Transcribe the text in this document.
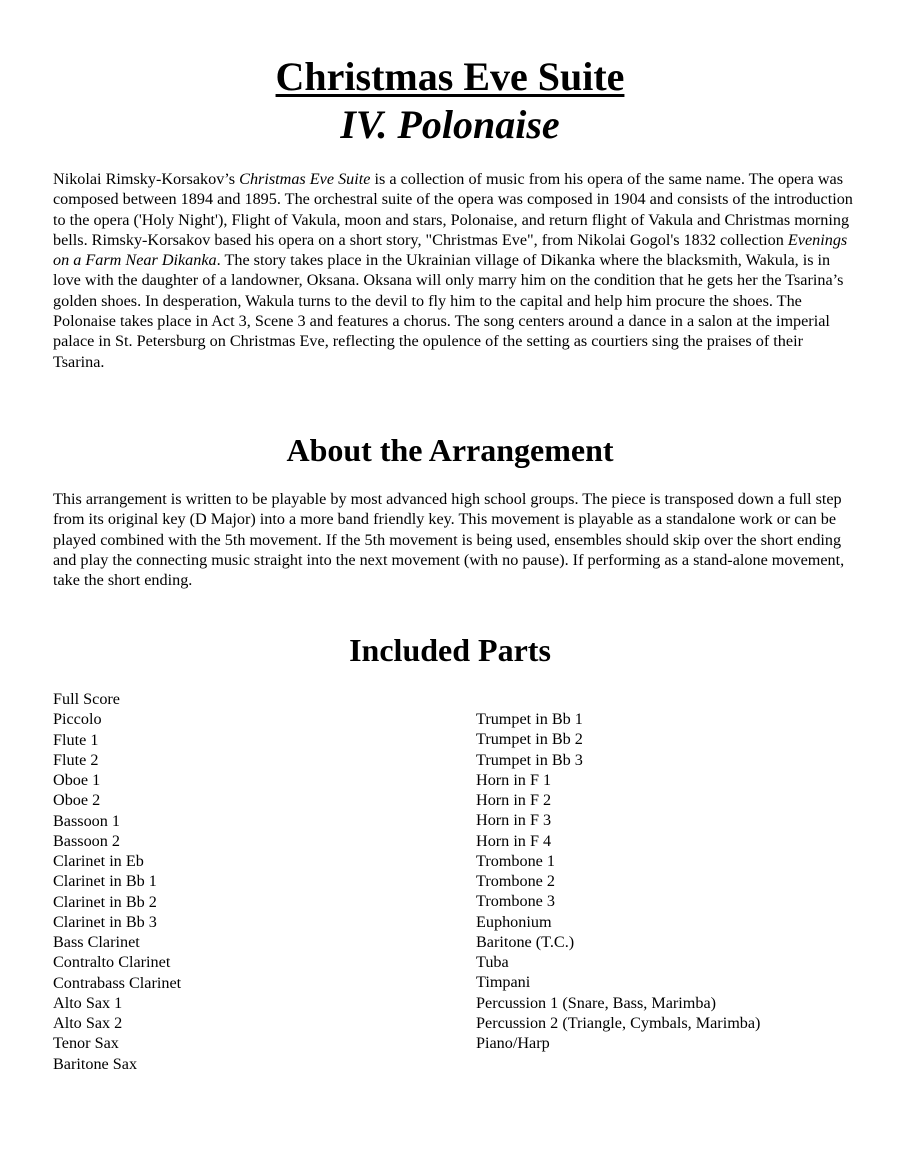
Christmas Eve Suite
IV. Polonaise

Nikolai Rimsky-Korsakov’s Christmas Eve Suite is a collection of music from his opera of the same name. The opera was composed between 1894 and 1895. The orchestral suite of the opera was composed in 1904 and consists of the introduction to the opera ('Holy Night'), Flight of Vakula, moon and stars, Polonaise, and return flight of Vakula and Christmas morning bells. Rimsky-Korsakov based his opera on a short story, "Christmas Eve", from Nikolai Gogol's 1832 collection Evenings on a Farm Near Dikanka. The story takes place in the Ukrainian village of Dikanka where the blacksmith, Wakula, is in love with the daughter of a landowner, Oksana. Oksana will only marry him on the condition that he gets her the Tsarina’s golden shoes. In desperation, Wakula turns to the devil to fly him to the capital and help him procure the shoes. The Polonaise takes place in Act 3, Scene 3 and features a chorus. The song centers around a dance in a salon at the imperial palace in St. Petersburg on Christmas Eve, reflecting the opulence of the setting as courtiers sing the praises of their Tsarina.

About the Arrangement

This arrangement is written to be playable by most advanced high school groups. The piece is transposed down a full step from its original key (D Major) into a more band friendly key. This movement is playable as a standalone work or can be played combined with the 5th movement. If the 5th movement is being used, ensembles should skip over the short ending and play the connecting music straight into the next movement (with no pause). If performing as a stand-alone movement, take the short ending.

Included Parts
Full Score
Piccolo
Flute 1
Flute 2
Oboe 1
Oboe 2
Bassoon 1
Bassoon 2
Clarinet in Eb
Clarinet in Bb 1
Clarinet in Bb 2
Clarinet in Bb 3
Bass Clarinet
Contralto Clarinet
Contrabass Clarinet
Alto Sax 1
Alto Sax 2
Tenor Sax
Baritone Sax
Trumpet in Bb 1
Trumpet in Bb 2
Trumpet in Bb 3
Horn in F 1
Horn in F 2
Horn in F 3
Horn in F 4
Trombone 1
Trombone 2
Trombone 3
Euphonium
Baritone (T.C.)
Tuba
Timpani
Percussion 1 (Snare, Bass, Marimba)
Percussion 2 (Triangle, Cymbals, Marimba)
Piano/Harp
